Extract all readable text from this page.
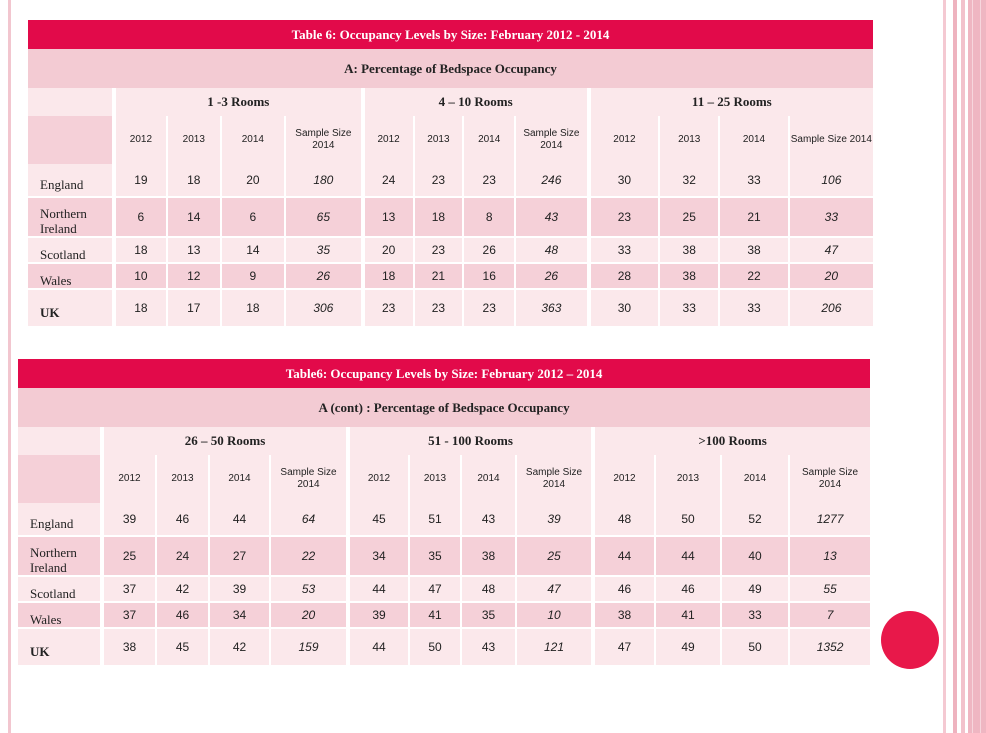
Table 6: Occupancy Levels by Size: February 2012 - 2014												
A: Percentage of Bedspace Occupancy												
	1 -3 Rooms				4 – 10 Rooms				11 – 25 Rooms			
	2012	2013	2014	Sample Size 2014	2012	2013	2014	Sample Size 2014	2012	2013	2014	Sample Size 2014
England	19	18	20	180	24	23	23	246	30	32	33	106
Northern Ireland	6	14	6	65	13	18	8	43	23	25	21	33
Scotland	18	13	14	35	20	23	26	48	33	38	38	47
Wales	10	12	9	26	18	21	16	26	28	38	22	20
UK	18	17	18	306	23	23	23	363	30	33	33	206
Table6: Occupancy Levels by Size: February 2012 – 2014												
A (cont) : Percentage of Bedspace Occupancy												
	26 – 50 Rooms				51 - 100 Rooms				>100 Rooms			
	2012	2013	2014	Sample Size 2014	2012	2013	2014	Sample Size 2014	2012	2013	2014	Sample Size 2014
England	39	46	44	64	45	51	43	39	48	50	52	1277
Northern Ireland	25	24	27	22	34	35	38	25	44	44	40	13
Scotland	37	42	39	53	44	47	48	47	46	46	49	55
Wales	37	46	34	20	39	41	35	10	38	41	33	7
UK	38	45	42	159	44	50	43	121	47	49	50	1352
